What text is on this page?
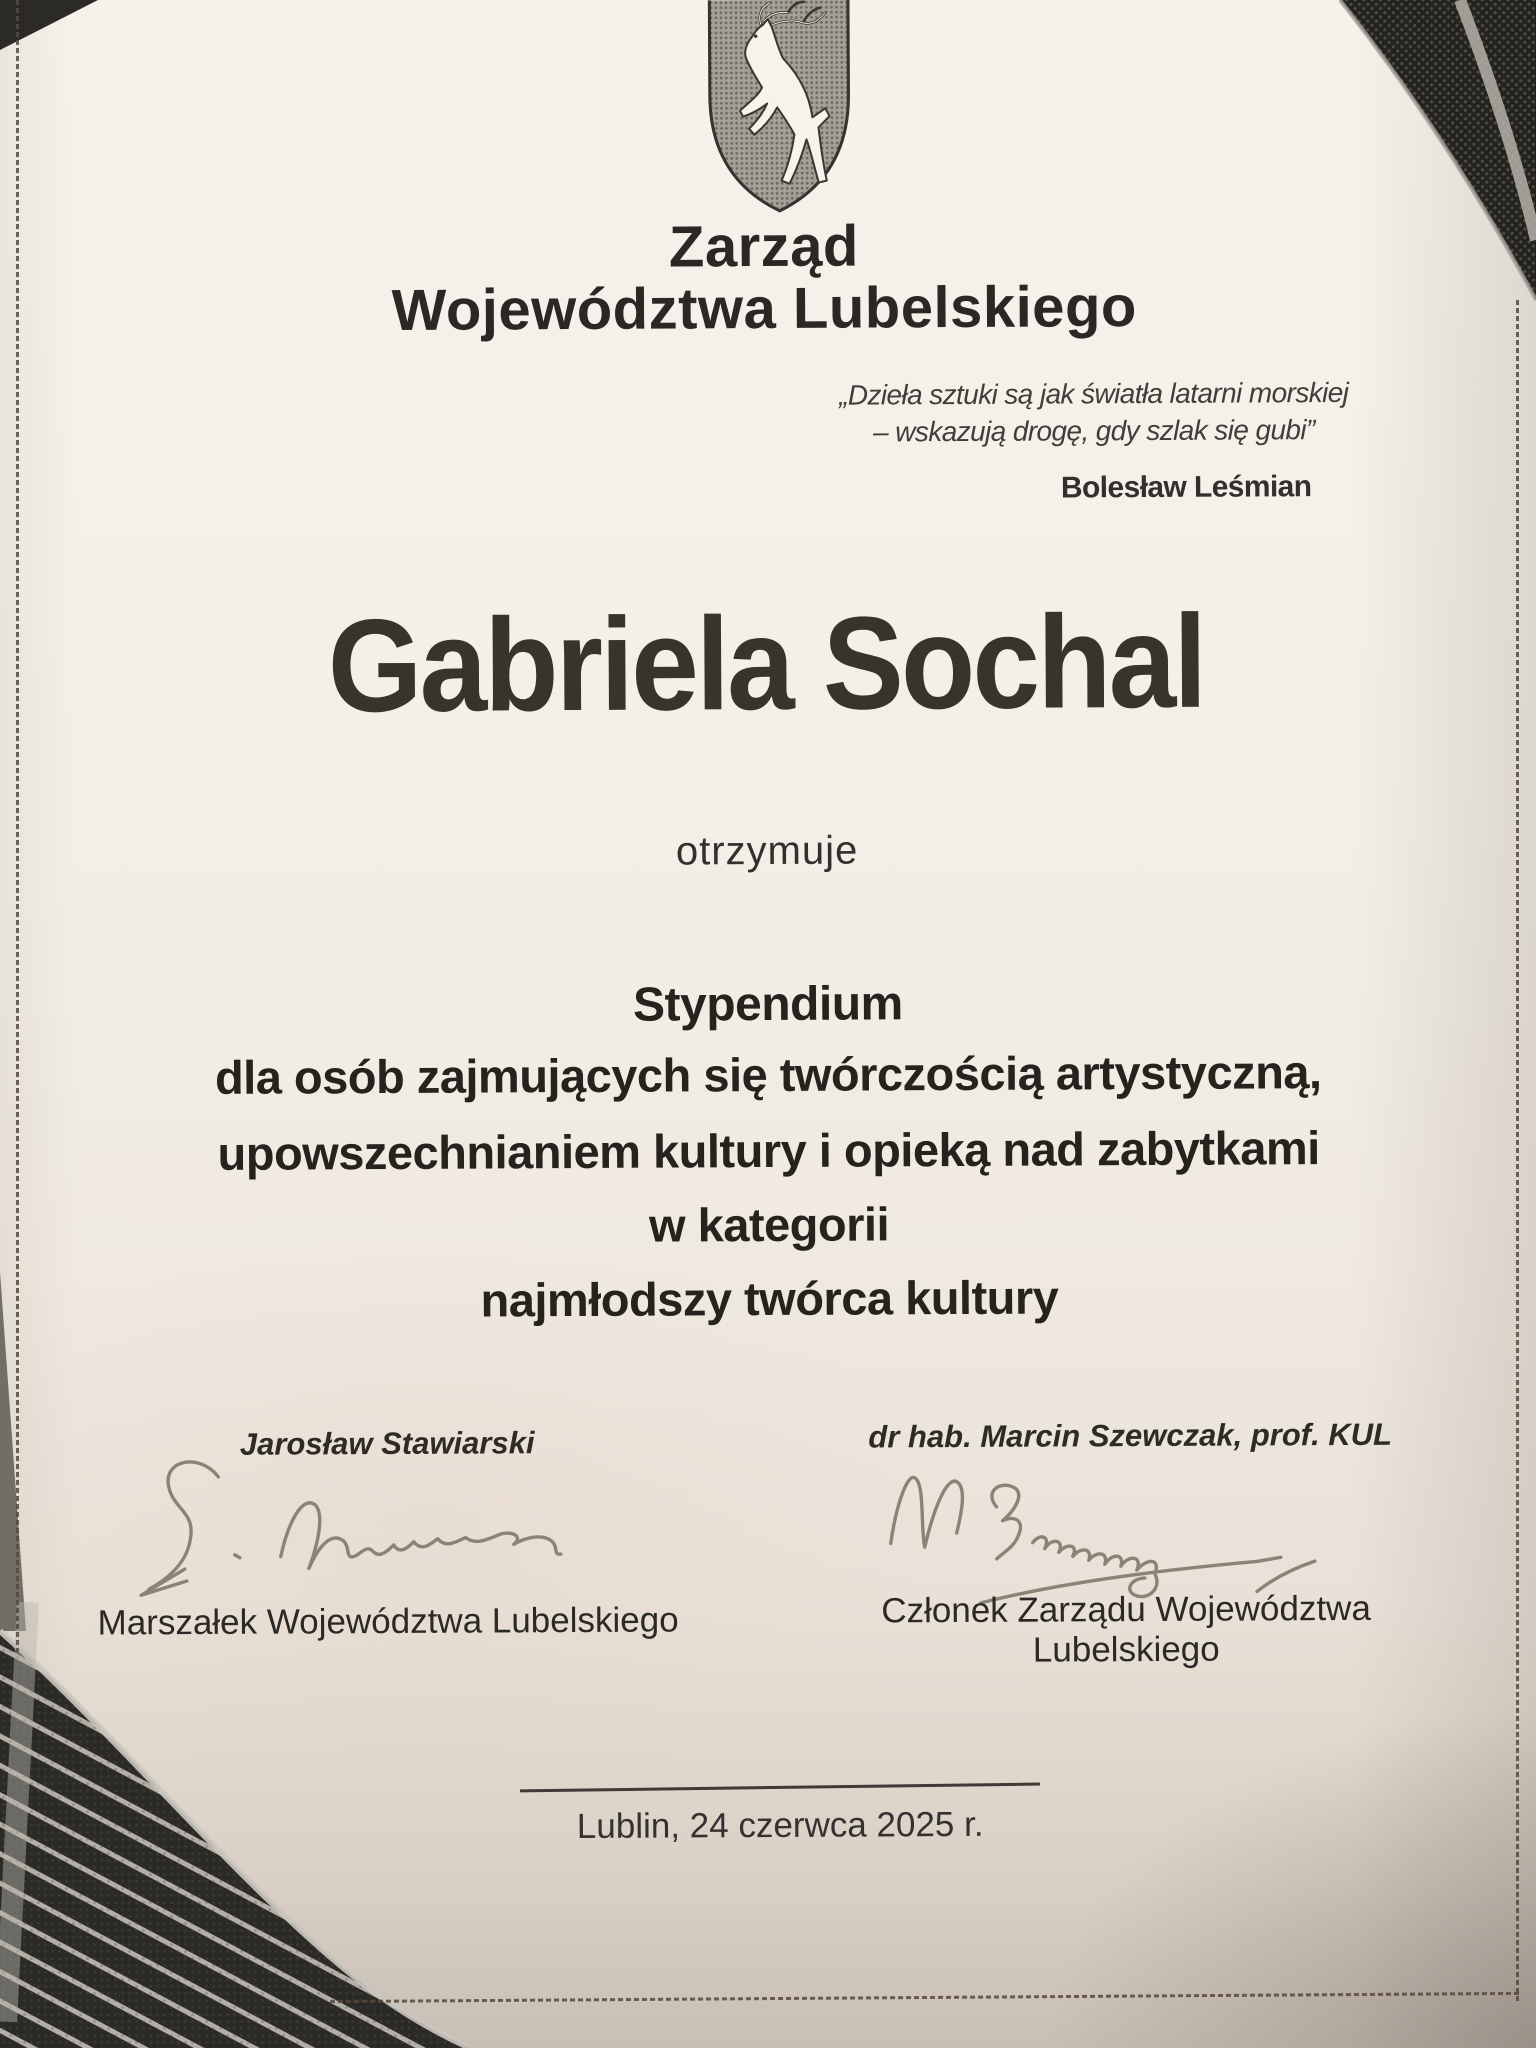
Zarząd
Województwa Lubelskiego
„Dzieła sztuki są jak światła latarni morskiej
– wskazują drogę, gdy szlak się gubi”
Bolesław Leśmian
Gabriela Sochal
otrzymuje
Stypendium
dla osób zajmujących się twórczością artystyczną,
upowszechnianiem kultury i opieką nad zabytkami
w kategorii
najmłodszy twórca kultury
Jarosław Stawiarski
Marszałek Województwa Lubelskiego
dr hab. Marcin Szewczak, prof. KUL
Członek Zarządu Województwa Lubelskiego
Lublin, 24 czerwca 2025 r.
